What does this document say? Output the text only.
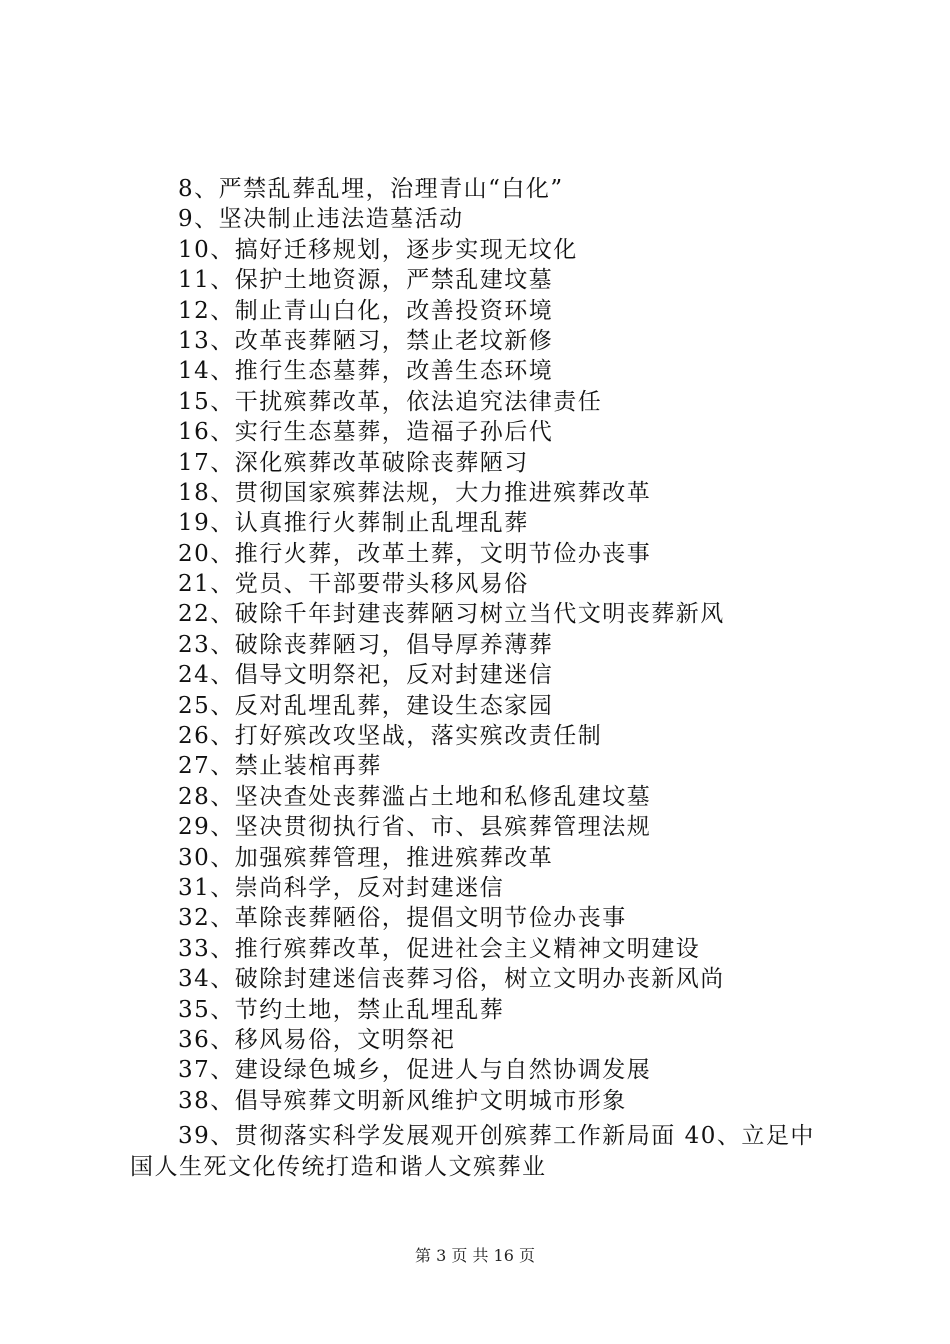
8、严禁乱葬乱埋，治理青山“白化”
9、坚决制止违法造墓活动
10、搞好迁移规划，逐步实现无坟化
11、保护土地资源，严禁乱建坟墓
12、制止青山白化，改善投资环境
13、改革丧葬陋习，禁止老坟新修
14、推行生态墓葬，改善生态环境
15、干扰殡葬改革，依法追究法律责任
16、实行生态墓葬，造福子孙后代
17、深化殡葬改革破除丧葬陋习
18、贯彻国家殡葬法规，大力推进殡葬改革
19、认真推行火葬制止乱埋乱葬
20、推行火葬，改革土葬，文明节俭办丧事
21、党员、干部要带头移风易俗
22、破除千年封建丧葬陋习树立当代文明丧葬新风
23、破除丧葬陋习，倡导厚养薄葬
24、倡导文明祭祀，反对封建迷信
25、反对乱埋乱葬，建设生态家园
26、打好殡改攻坚战，落实殡改责任制
27、禁止装棺再葬
28、坚决查处丧葬滥占土地和私修乱建坟墓
29、坚决贯彻执行省、市、县殡葬管理法规
30、加强殡葬管理，推进殡葬改革
31、崇尚科学，反对封建迷信
32、革除丧葬陋俗，提倡文明节俭办丧事
33、推行殡葬改革，促进社会主义精神文明建设
34、破除封建迷信丧葬习俗，树立文明办丧新风尚
35、节约土地，禁止乱埋乱葬
36、移风易俗，文明祭祀
37、建设绿色城乡，促进人与自然协调发展
38、倡导殡葬文明新风维护文明城市形象

39、贯彻落实科学发展观开创殡葬工作新局面 40、立足中
国人生死文化传统打造和谐人文殡葬业

第 3 页 共 16 页
